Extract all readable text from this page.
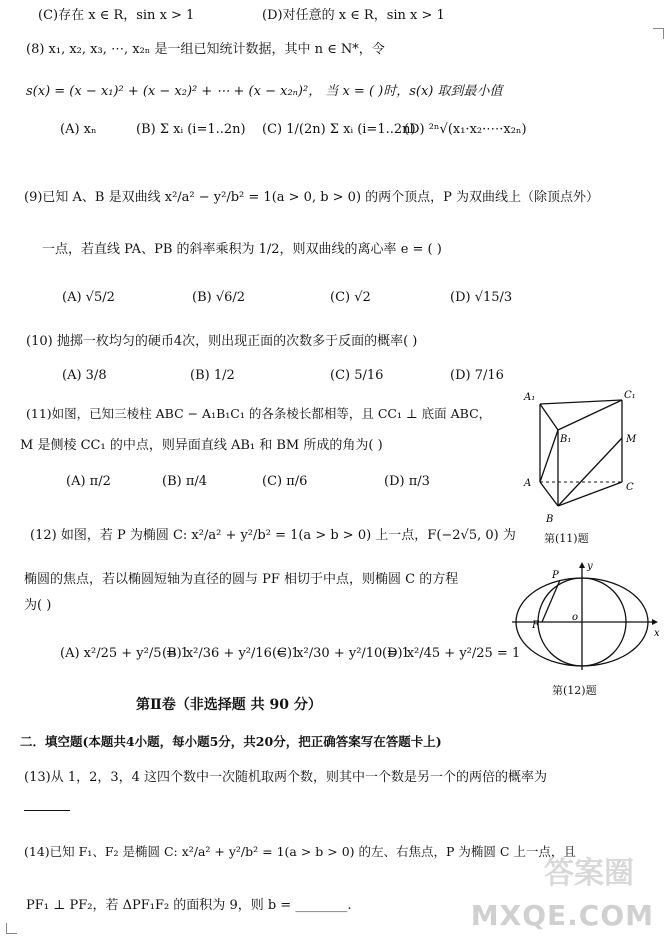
(C)存在 x ∈ R，sin x > 1	(D)对任意的 x ∈ R，sin x > 1
(8) x₁, x₂, x₃, ⋯, x₂ₙ 是一组已知统计数据，其中 n ∈ N*，令
s(x) = (x − x₁)² + (x − x₂)² + ⋯ + (x − x₂ₙ)²， 当 x = ( )时，s(x) 取到最小值
(A) xₙ	(B) Σ xᵢ (i=1..2n) (C) 1/(2n) Σ xᵢ (i=1..2n)
(D) ²ⁿ√(x₁·x₂·⋯·x₂ₙ)
(9)已知 A、B 是双曲线 x²/a² − y²/b² = 1(a > 0, b > 0) 的两个顶点，P 为双曲线上（除顶点外）
一点，若直线 PA、PB 的斜率乘积为 1/2，则双曲线的离心率 e = ( )
(A) √5/2	(B) √6/2	(C) √2	(D) √15/3
(10) 抛掷一枚均匀的硬币4次，则出现正面的次数多于反面的概率( )
(A) 3/8	(B) 1/2	(C) 5/16	(D) 7/16
(11)如图，已知三棱柱 ABC − A₁B₁C₁ 的各条棱长都相等，且 CC₁ ⊥ 底面 ABC，
M 是侧棱 CC₁ 的中点，则异面直线 AB₁ 和 BM 所成的角为( )
(A) π/2	(B) π/4	(C) π/6	(D) π/3
A₁	C₁
B₁	M
A	C
B
第(11)题
(12) 如图，若 P 为椭圆 C: x²/a² + y²/b² = 1(a > b > 0) 上一点，F(−2√5, 0) 为
椭圆的焦点，若以椭圆短轴为直径的圆与 PF 相切于中点，则椭圆 C 的方程
为( )
(A) x²/25 + y²/5 = 1
(B) x²/36 + y²/16 = 1
(C) x²/30 + y²/10 = 1
(D) x²/45 + y²/25 = 1
P
y
F
o
x
第(12)题
第Ⅱ卷（非选择题 共 90 分）
二．填空题(本题共4小题，每小题5分，共20分，把正确答案写在答题卡上)
(13)从 1，2，3，4 这四个数中一次随机取两个数，则其中一个数是另一个的两倍的概率为
(14)已知 F₁、F₂ 是椭圆 C: x²/a² + y²/b² = 1(a > b > 0) 的左、右焦点，P 为椭圆 C 上一点，且
PF₁ ⊥ PF₂，若 ΔPF₁F₂ 的面积为 9，则 b = ________.
答案圈
MXQE.COM
